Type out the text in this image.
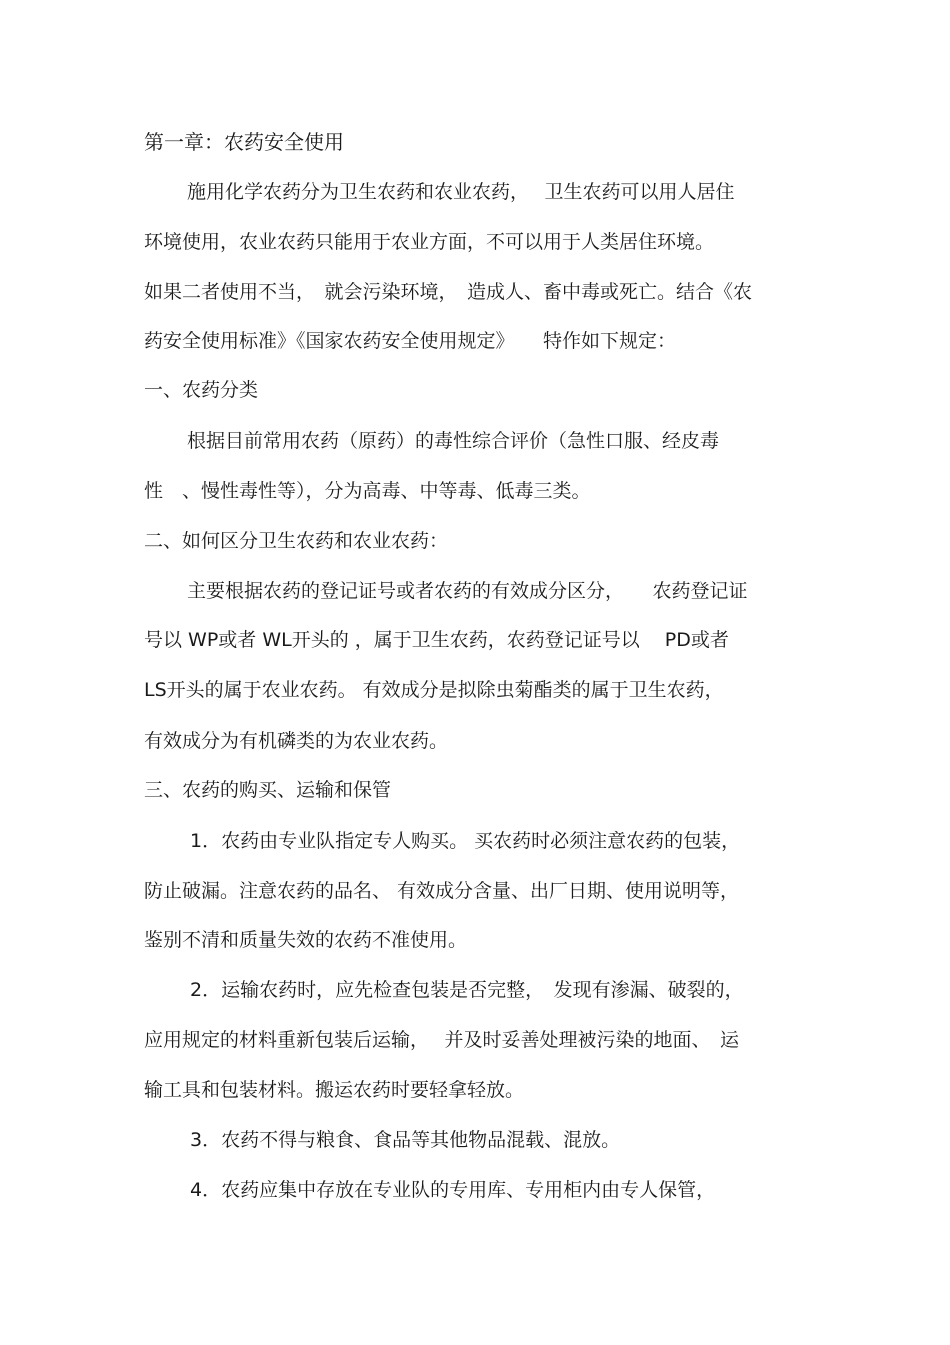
第一章：农药安全使用
施用化学农药分为卫生农药和农业农药，　 卫生农药可以用人居住
环境使用，农业农药只能用于农业方面，不可以用于人类居住环境。
如果二者使用不当，　就会污染环境，　造成人、畜中毒或死亡。结合《农
药安全使用标准》《国家农药安全使用规定》　　特作如下规定：
一、农药分类
根据目前常用农药（原药）的毒性综合评价（急性口服、经皮毒
性　、慢性毒性等），分为高毒、中等毒、低毒三类。
二、如何区分卫生农药和农业农药：
主要根据农药的登记证号或者农药的有效成分区分，　　农药登记证
号以 WP或者 WL开头的 ，属于卫生农药，农药登记证号以　 PD或者
LS开头的属于农业农药。 有效成分是拟除虫菊酯类的属于卫生农药，
有效成分为有机磷类的为农业农药。
三、农药的购买、运输和保管
1．农药由专业队指定专人购买。 买农药时必须注意农药的包装，
防止破漏。注意农药的品名、 有效成分含量、出厂日期、使用说明等，
鉴别不清和质量失效的农药不准使用。
2．运输农药时，应先检查包装是否完整，　发现有渗漏、破裂的，
应用规定的材料重新包装后运输，　 并及时妥善处理被污染的地面、　运
输工具和包装材料。搬运农药时要轻拿轻放。
3．农药不得与粮食、食品等其他物品混载、混放。
4．农药应集中存放在专业队的专用库、专用柜内由专人保管，
